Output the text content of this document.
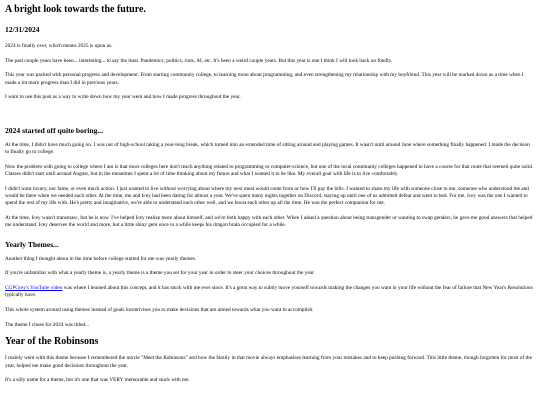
A bright look towards the future.
12/31/2024

2024 is finally over, which means 2025 is upon us.

The past couple years have been... interesting... to say the least. Pandemics, politics, riots, AI, etc. It's been a weird couple years. But this year is one I think I will look back on fondly.

This year was packed with personal progress and development. From starting community college, to learning more about programming, and even strengthening my relationship with my boyfriend. This year will be marked down as a time when I made a lot more progress than I did in previous years.

I want to use this post as a way to write down how my year went and how I made progress throughout the year.

2024 started off quite boring...

At the time, I didn't have much going on. I was out of high-school taking a year-long break, which turned into an extended time of sitting around and playing games. It wasn't until around June where something finally happened. I made the decision to finally go to college.

Now the problem with going to college where I am is that most colleges here don't teach anything related to programming or computer-science, but one of the local community colleges happened to have a course for that route that seemed quite solid. Classes didn't start until around August, but in the meantime I spent a lot of time thinking about my future and what I wanted it to be like. My overall goal with life is to live comfortably.

I didn't want luxury, nor fame, or even much action. I just wanted to live without worrying about where my next meal would come from or how I'll pay the bills. I wanted to share my life with someone close to me, someone who understood me and would be there when we needed each other. At the time, me and Icey had been dating for almost a year. We've spent many nights together on Discord, staying up until one of us admitted defeat and went to bed. For me, Icey was the one I wanted to spend the rest of my life with. He's pretty and imaginative, we're able to understand each other well, and we boost each other up all the time. He was the perfect companion for me.

At the time, Icey wasn't transmasc, but he is now. I've helped Icey realize more about himself, and we're both happy with each other. When I asked a question about being transgender or wanting to swap genders, he gave me good answers that helped me understand. Icey deserves the world and more, but a little shiny gem once in a while keeps his dragon brain occupied for a while.

Yearly Themes...

Another thing I thought about in the time before college started for me was yearly themes.

If you're unfamiliar with what a yearly theme is, a yearly theme is a theme you set for your year in order to steer your choices throughout the year.

CGPGrey's YouTube video was where I learned about this concept, and it has stuck with me ever since. It's a great way to subtly move yourself towards making the changes you want in your life without the fear of failure that New Year's Resolutions typically have.

This whole system around using themes instead of goals incentivises you to make decisions that are aimed towards what you want to accomplish.

The theme I chose for 2024 was titled...

Year of the Robinsons

I mainly went with this theme because I remembered the movie "Meet the Robinsons" and how the family in that movie always emphasises learning from your mistakes and to keep pushing forward. This little theme, though forgotten for most of the year, helped me make good decisions throughout the year.

It's a silly name for a theme, but it's one that was VERY memorable and stuck with me.
